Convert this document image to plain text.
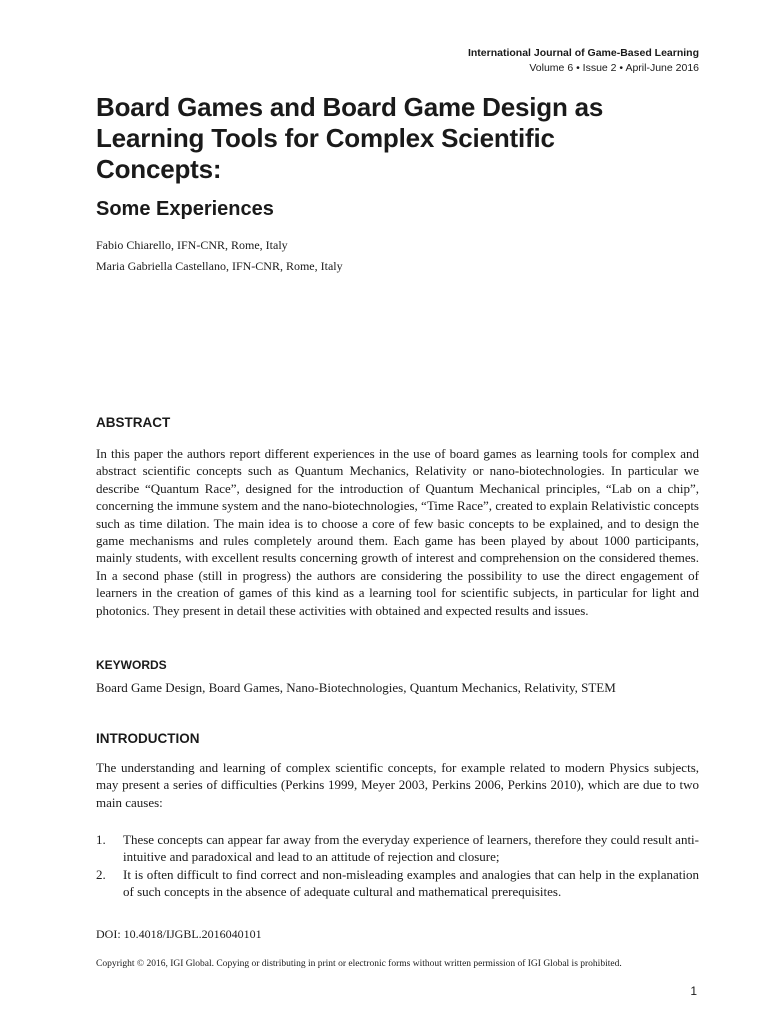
International Journal of Game-Based Learning
Volume 6 • Issue 2 • April-June 2016
Board Games and Board Game Design as Learning Tools for Complex Scientific Concepts:
Some Experiences
Fabio Chiarello, IFN-CNR, Rome, Italy
Maria Gabriella Castellano, IFN-CNR, Rome, Italy
ABSTRACT

In this paper the authors report different experiences in the use of board games as learning tools for complex and abstract scientific concepts such as Quantum Mechanics, Relativity or nano-biotechnologies. In particular we describe “Quantum Race”, designed for the introduction of Quantum Mechanical principles, “Lab on a chip”, concerning the immune system and the nano-biotechnologies, “Time Race”, created to explain Relativistic concepts such as time dilation. The main idea is to choose a core of few basic concepts to be explained, and to design the game mechanisms and rules completely around them. Each game has been played by about 1000 participants, mainly students, with excellent results concerning growth of interest and comprehension on the considered themes. In a second phase (still in progress) the authors are considering the possibility to use the direct engagement of learners in the creation of games of this kind as a learning tool for scientific subjects, in particular for light and photonics. They present in detail these activities with obtained and expected results and issues.

KEYWORDS

Board Game Design, Board Games, Nano-Biotechnologies, Quantum Mechanics, Relativity, STEM

INTRODUCTION

The understanding and learning of complex scientific concepts, for example related to modern Physics subjects, may present a series of difficulties (Perkins 1999, Meyer 2003, Perkins 2006, Perkins 2010), which are due to two main causes:

1.	These concepts can appear far away from the everyday experience of learners, therefore they could result anti-intuitive and paradoxical and lead to an attitude of rejection and closure;
2.	It is often difficult to find correct and non-misleading examples and analogies that can help in the explanation of such concepts in the absence of adequate cultural and mathematical prerequisites.
DOI: 10.4018/IJGBL.2016040101
Copyright © 2016, IGI Global. Copying or distributing in print or electronic forms without written permission of IGI Global is prohibited.
1
